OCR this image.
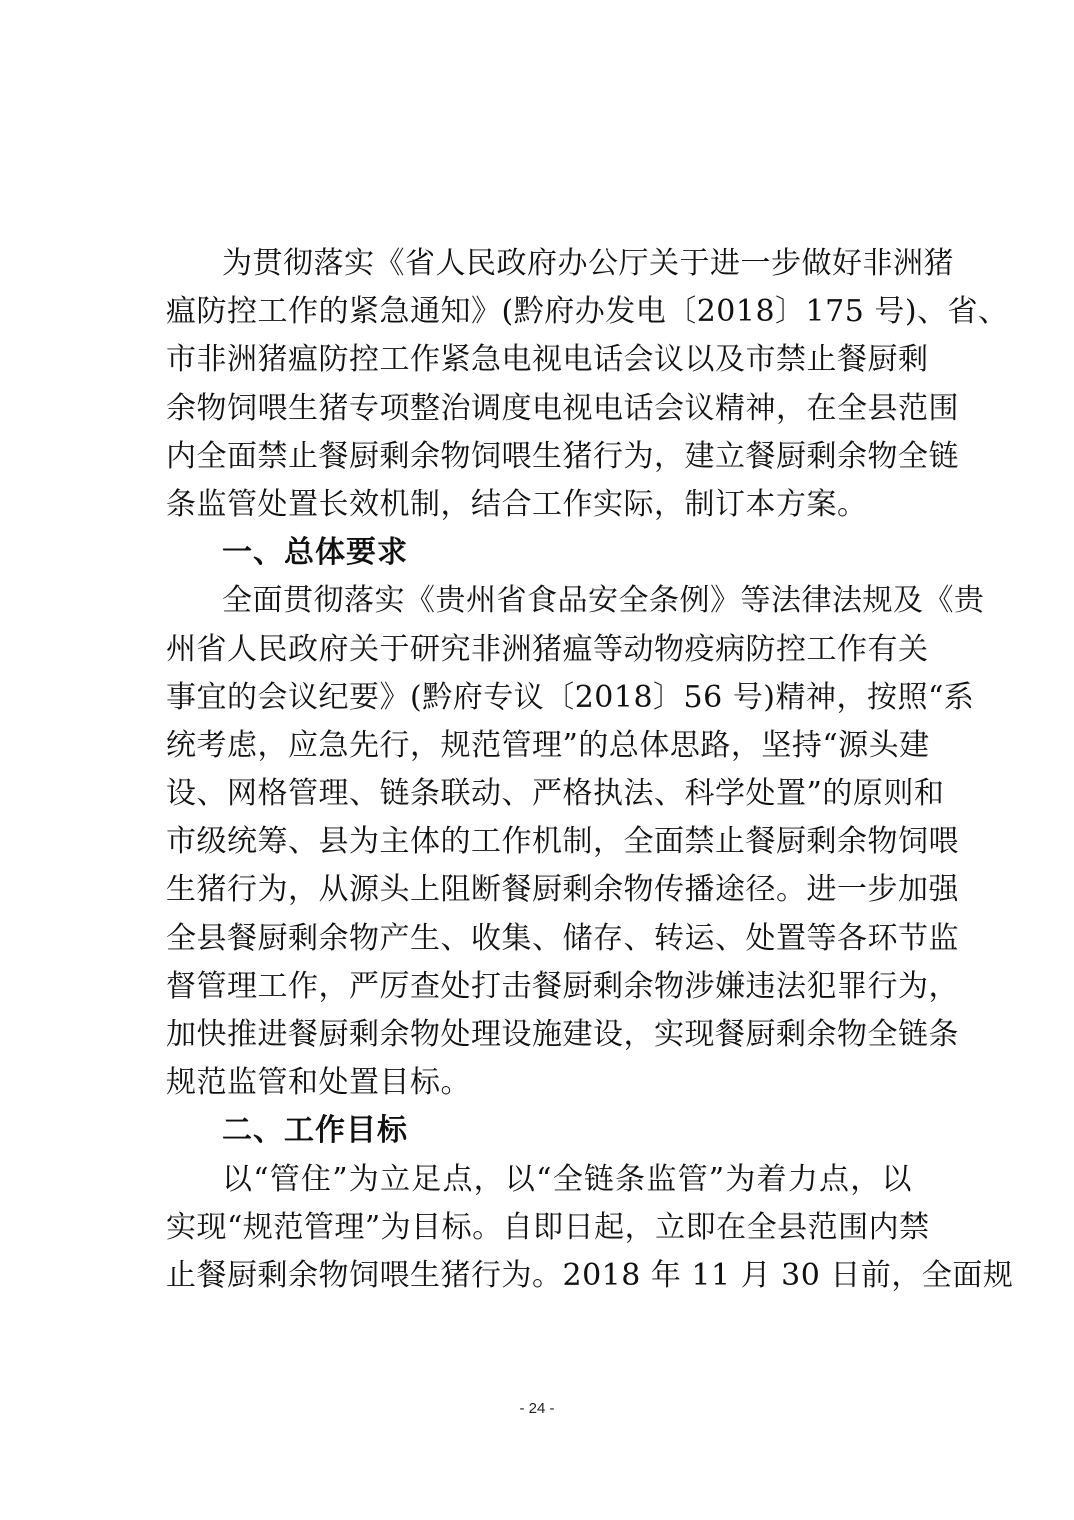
为贯彻落实《省人民政府办公厅关于进一步做好非洲猪
瘟防控工作的紧急通知》(黔府办发电〔2018〕175 号)、省、
市非洲猪瘟防控工作紧急电视电话会议以及市禁止餐厨剩
余物饲喂生猪专项整治调度电视电话会议精神，在全县范围
内全面禁止餐厨剩余物饲喂生猪行为，建立餐厨剩余物全链
条监管处置长效机制，结合工作实际，制订本方案。
一、总体要求
全面贯彻落实《贵州省食品安全条例》等法律法规及《贵
州省人民政府关于研究非洲猪瘟等动物疫病防控工作有关
事宜的会议纪要》(黔府专议〔2018〕56 号)精神，按照“系
统考虑，应急先行，规范管理”的总体思路，坚持“源头建
设、网格管理、链条联动、严格执法、科学处置”的原则和
市级统筹、县为主体的工作机制，全面禁止餐厨剩余物饲喂
生猪行为，从源头上阻断餐厨剩余物传播途径。进一步加强
全县餐厨剩余物产生、收集、储存、转运、处置等各环节监
督管理工作，严厉查处打击餐厨剩余物涉嫌违法犯罪行为，
加快推进餐厨剩余物处理设施建设，实现餐厨剩余物全链条
规范监管和处置目标。
二、工作目标
以“管住”为立足点，以“全链条监管”为着力点，以
实现“规范管理”为目标。自即日起，立即在全县范围内禁
止餐厨剩余物饲喂生猪行为。2018 年 11 月 30 日前，全面规
- 24 -
